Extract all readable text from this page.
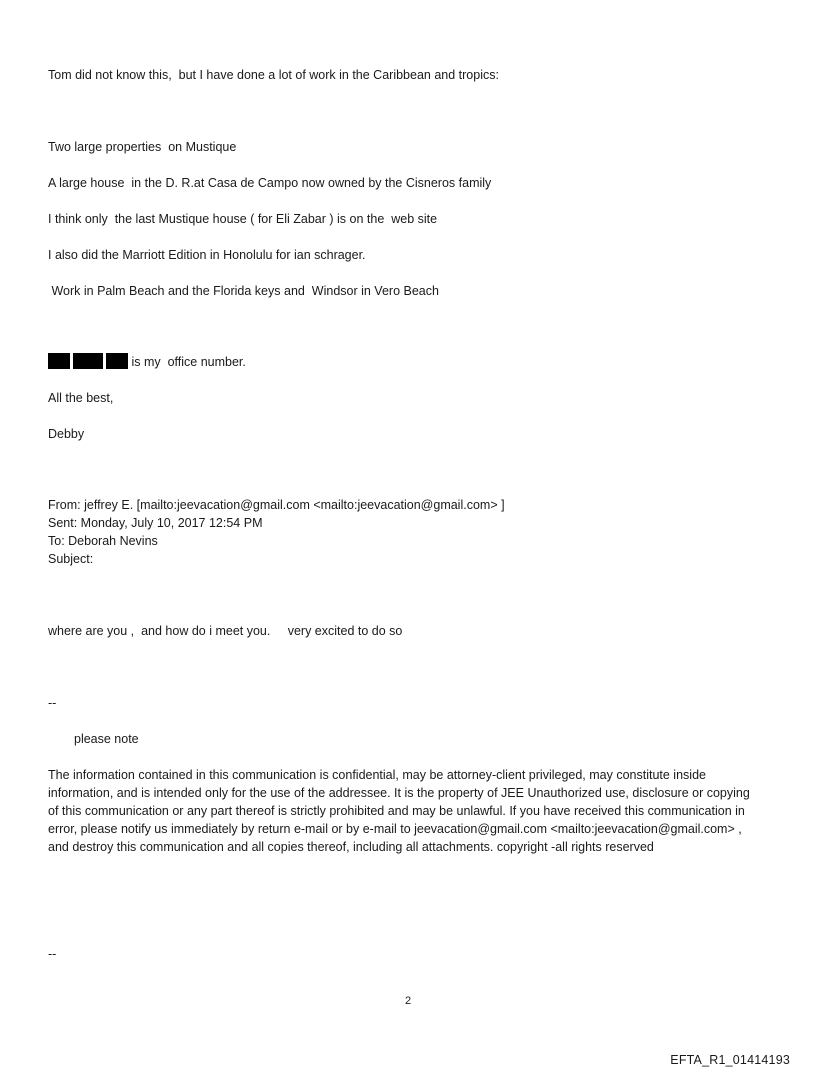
Tom did not know this,  but I have done a lot of work in the Caribbean and tropics:
Two large properties  on Mustique
A large house  in the D. R.at Casa de Campo now owned by the Cisneros family
I think only  the last Mustique house ( for Eli Zabar ) is on the  web site
I also did the Marriott Edition in Honolulu for ian schrager.
Work in Palm Beach and the Florida keys and  Windsor in Vero Beach
is my  office number.
All the best,
Debby
From: jeffrey E. [mailto:jeevacation@gmail.com <mailto:jeevacation@gmail.com> ]
Sent: Monday, July 10, 2017 12:54 PM
To: Deborah Nevins
Subject:
where are you ,  and how do i meet you.     very excited to do so
--
please note
The information contained in this communication is confidential, may be attorney-client privileged, may constitute inside information, and is intended only for the use of the addressee. It is the property of JEE Unauthorized use, disclosure or copying of this communication or any part thereof is strictly prohibited and may be unlawful. If you have received this communication in error, please notify us immediately by return e-mail or by e-mail to jeevacation@gmail.com <mailto:jeevacation@gmail.com> , and destroy this communication and all copies thereof, including all attachments. copyright -all rights reserved
--
2
EFTA_R1_01414193
